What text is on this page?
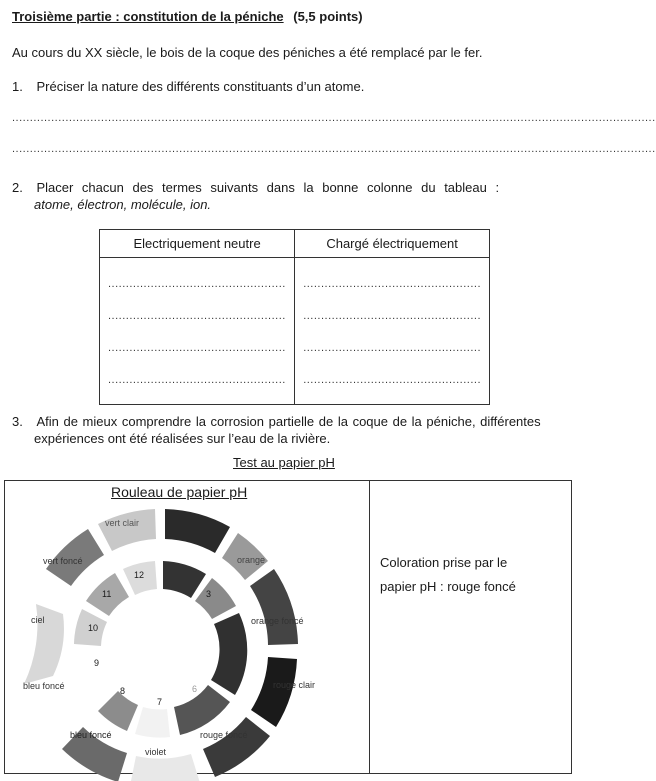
Troisième partie : constitution de la péniche (5,5 points)
Au cours du XX siècle, le bois de la coque des péniches a été remplacé par le fer.
1. Préciser la nature des différents constituants d’un atome.
.....................................................................................................................................................................................
.....................................................................................................................................................................................
2. Placer chacun des termes suivants dans la bonne colonne du tableau :
atome, électron, molécule, ion.
Electriquement neutre	Chargé électriquement

..................................................	..................................................

..................................................	..................................................

..................................................	..................................................

..................................................	..................................................
3. Afin de mieux comprendre la corrosion partielle de la coque de la péniche, différentes
expériences ont été réalisées sur l’eau de la rivière.
Test au papier pH
Rouleau de papier pH
vert clair
orange
orange foncé
rouge clair
rouge foncé
violet
bleu foncé
bleu foncé
ciel
vert foncé
12
3
7
8
9
10
11
6
Coloration prise par le
papier pH : rouge foncé
